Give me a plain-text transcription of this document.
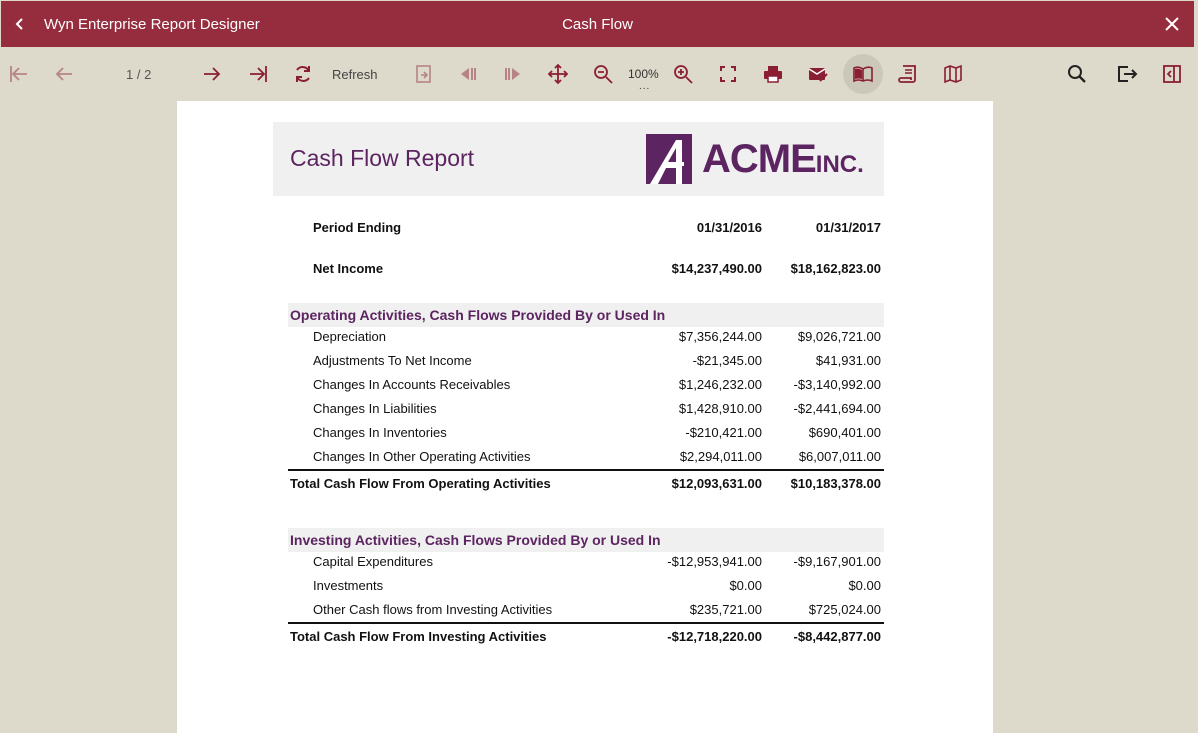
Wyn Enterprise Report Designer	Cash Flow
1 / 2	Refresh	100%
...
Cash Flow Report	ACMEINC.
Period Ending	01/31/2016	01/31/2017
Net Income	$14,237,490.00 $18,162,823.00
Operating Activities, Cash Flows Provided By or Used In
Depreciation	$7,356,244.00	$9,026,721.00
Adjustments To Net Income	-$21,345.00	$41,931.00
Changes In Accounts Receivables	$1,246,232.00 -$3,140,992.00
Changes In Liabilities	$1,428,910.00 -$2,441,694.00
Changes In Inventories	-$210,421.00	$690,401.00
Changes In Other Operating Activities	$2,294,011.00	$6,007,011.00
Total Cash Flow From Operating Activities	$12,093,631.00 $10,183,378.00
Investing Activities, Cash Flows Provided By or Used In
Capital Expenditures	-$12,953,941.00 -$9,167,901.00
Investments	$0.00	$0.00
Other Cash flows from Investing Activities	$235,721.00	$725,024.00
Total Cash Flow From Investing Activities	-$12,718,220.00 -$8,442,877.00
